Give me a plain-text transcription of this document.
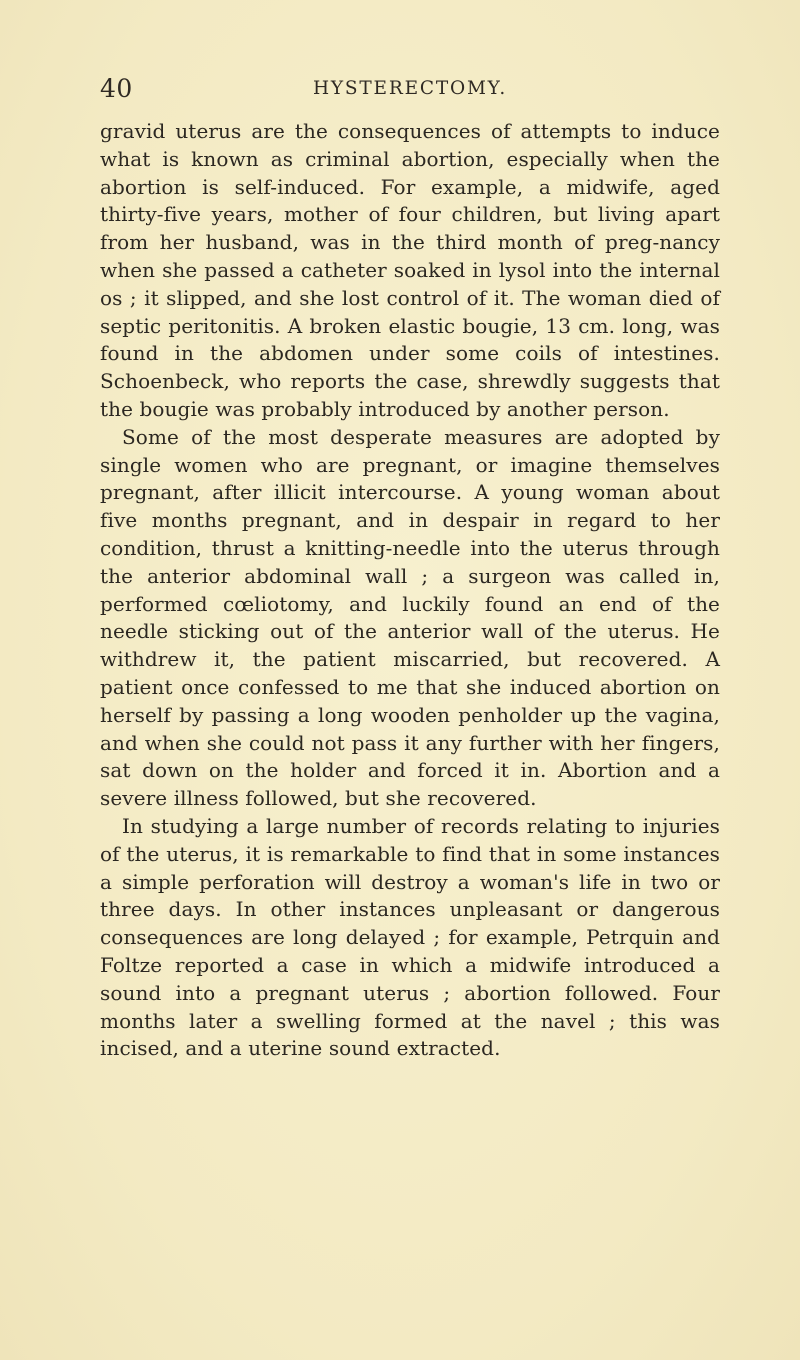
40	HYSTERECTOMY.

gravid uterus are the consequences of attempts to induce what is known as criminal abortion, especially when the abortion is self-induced. For example, a midwife, aged thirty-five years, mother of four children, but living apart from her husband, was in the third month of preg-nancy when she passed a catheter soaked in lysol into the internal os ; it slipped, and she lost control of it. The woman died of septic peritonitis. A broken elastic bougie, 13 cm. long, was found in the abdomen under some coils of intestines. Schoenbeck, who reports the case, shrewdly suggests that the bougie was probably introduced by another person.

Some of the most desperate measures are adopted by single women who are pregnant, or imagine themselves pregnant, after illicit intercourse. A young woman about five months pregnant, and in despair in regard to her condition, thrust a knitting-needle into the uterus through the anterior abdominal wall ; a surgeon was called in, performed cœliotomy, and luckily found an end of the needle sticking out of the anterior wall of the uterus. He withdrew it, the patient miscarried, but recovered. A patient once confessed to me that she induced abortion on herself by passing a long wooden penholder up the vagina, and when she could not pass it any further with her fingers, sat down on the holder and forced it in. Abortion and a severe illness followed, but she recovered.

In studying a large number of records relating to injuries of the uterus, it is remarkable to find that in some instances a simple perforation will destroy a woman's life in two or three days. In other instances unpleasant or dangerous consequences are long delayed ; for example, Petrquin and Foltze reported a case in which a midwife introduced a sound into a pregnant uterus ; abortion followed. Four months later a swelling formed at the navel ; this was incised, and a uterine sound extracted.
